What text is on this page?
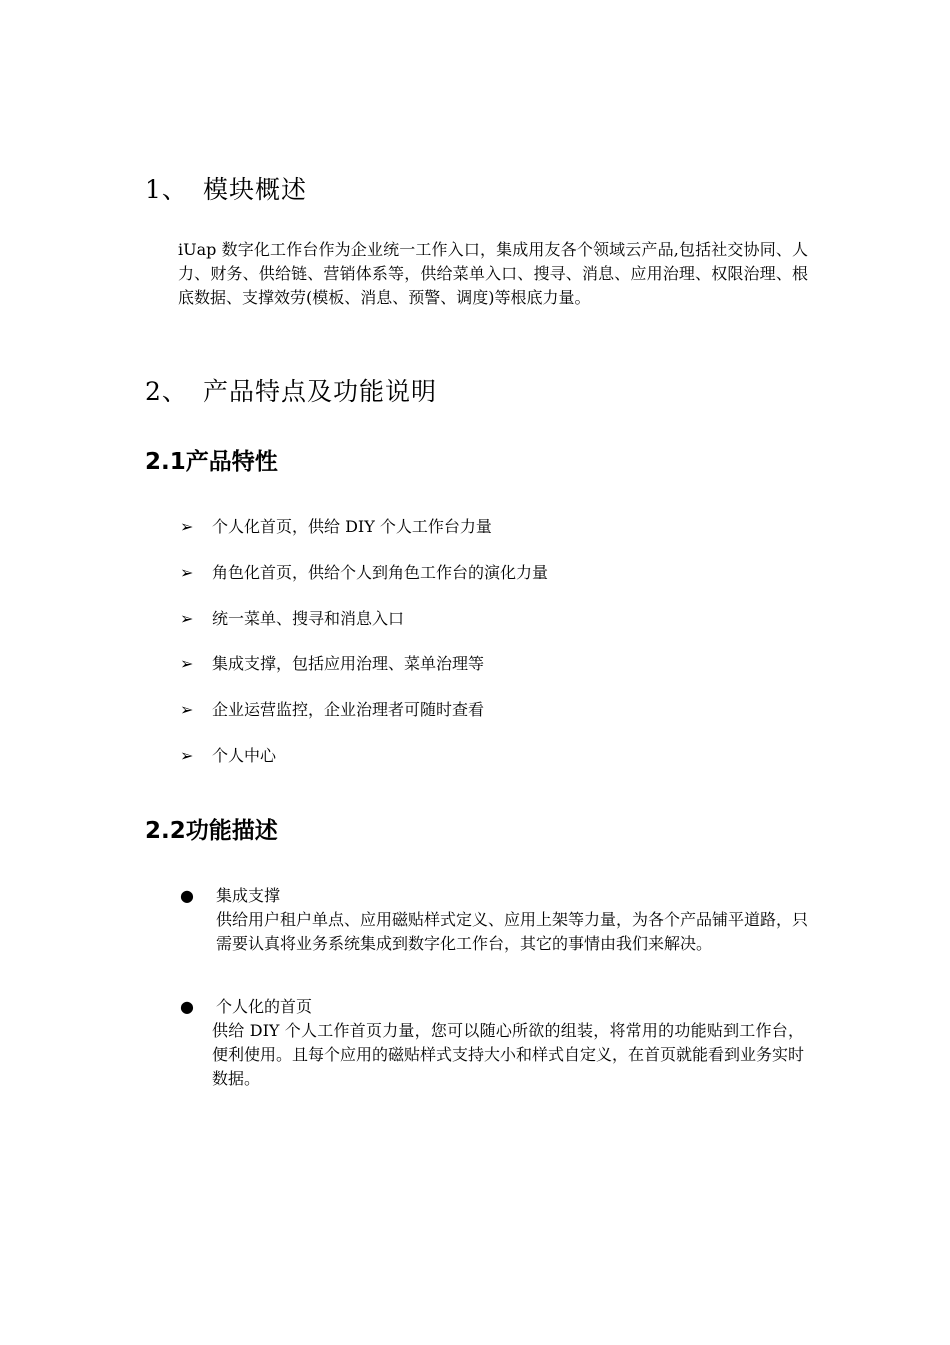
1、 模块概述
iUap 数字化工作台作为企业统一工作入口，集成用友各个领域云产品,包括社交协同、人力、财务、供给链、营销体系等，供给菜单入口、搜寻、消息、应用治理、权限治理、根底数据、支撑效劳(模板、消息、预警、调度)等根底力量。
2、 产品特点及功能说明
2.1产品特性
➢ 个人化首页，供给 DIY 个人工作台力量
➢ 角色化首页，供给个人到角色工作台的演化力量
➢ 统一菜单、搜寻和消息入口
➢ 集成支撑，包括应用治理、菜单治理等
➢ 企业运营监控，企业治理者可随时查看
➢ 个人中心
2.2功能描述
● 集成支撑
供给用户租户单点、应用磁贴样式定义、应用上架等力量，为各个产品铺平道路，只需要认真将业务系统集成到数字化工作台，其它的事情由我们来解决。
● 个人化的首页
供给 DIY 个人工作首页力量，您可以随心所欲的组装，将常用的功能贴到工作台，便利使用。且每个应用的磁贴样式支持大小和样式自定义，在首页就能看到业务实时数据。
